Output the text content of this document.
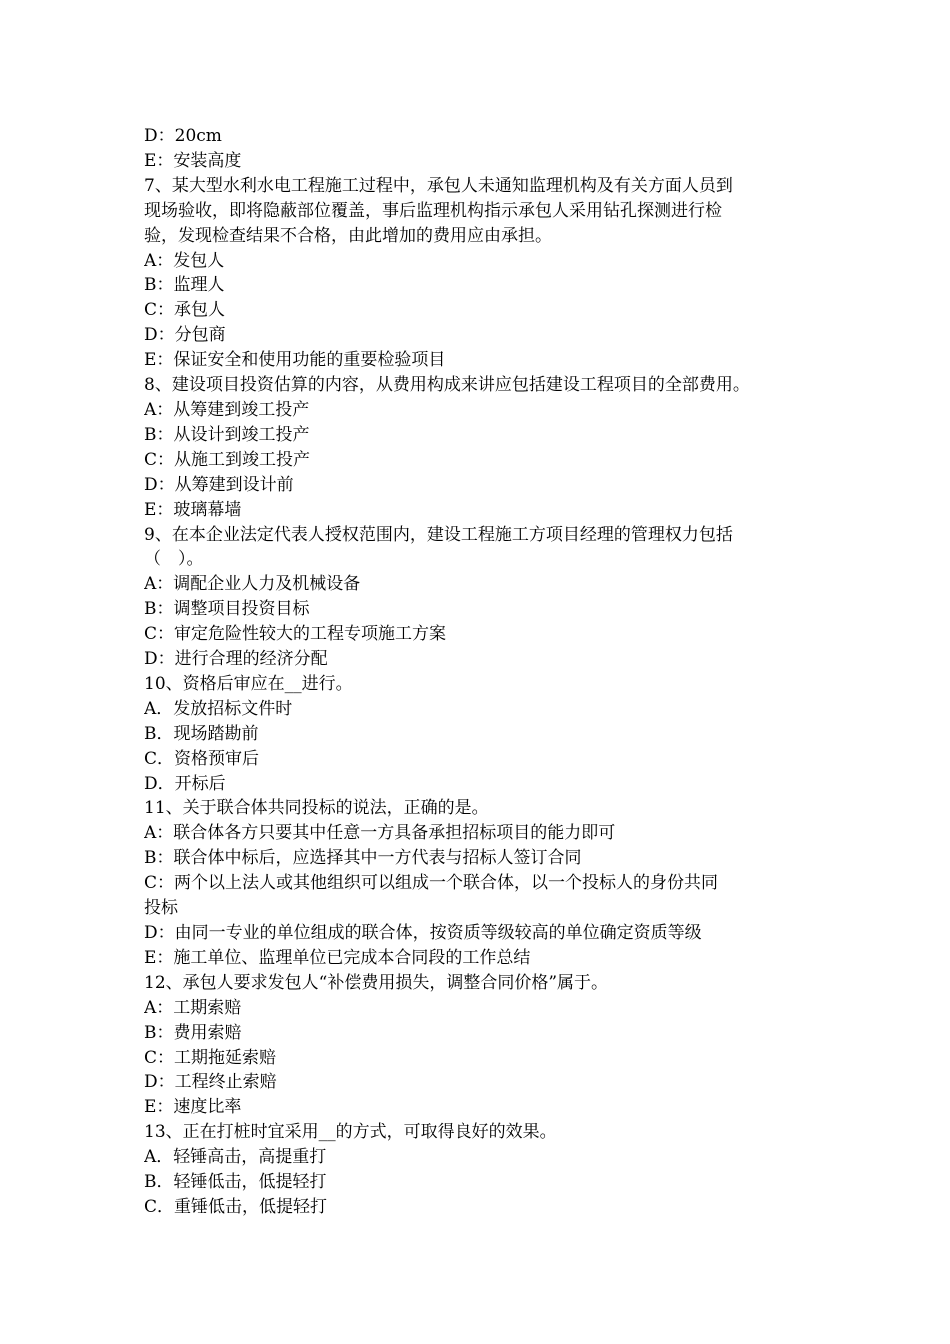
D：20cm
E：安装高度
7、某大型水利水电工程施工过程中，承包人未通知监理机构及有关方面人员到
现场验收，即将隐蔽部位覆盖，事后监理机构指示承包人采用钻孔探测进行检
验，发现检查结果不合格，由此增加的费用应由承担。
A：发包人
B：监理人
C：承包人
D：分包商
E：保证安全和使用功能的重要检验项目
8、建设项目投资估算的内容，从费用构成来讲应包括建设工程项目的全部费用。
A：从筹建到竣工投产
B：从设计到竣工投产
C：从施工到竣工投产
D：从筹建到设计前
E：玻璃幕墙
9、在本企业法定代表人授权范围内，建设工程施工方项目经理的管理权力包括
（　）。
A：调配企业人力及机械设备
B：调整项目投资目标
C：审定危险性较大的工程专项施工方案
D：进行合理的经济分配
10、资格后审应在__进行。
A．发放招标文件时
B．现场踏勘前
C．资格预审后
D．开标后
11、关于联合体共同投标的说法，正确的是。
A：联合体各方只要其中任意一方具备承担招标项目的能力即可
B：联合体中标后，应选择其中一方代表与招标人签订合同
C：两个以上法人或其他组织可以组成一个联合体，以一个投标人的身份共同
投标
D：由同一专业的单位组成的联合体，按资质等级较高的单位确定资质等级
E：施工单位、监理单位已完成本合同段的工作总结
12、承包人要求发包人“补偿费用损失，调整合同价格”属于。
A：工期索赔
B：费用索赔
C：工期拖延索赔
D：工程终止索赔
E：速度比率
13、正在打桩时宜采用__的方式，可取得良好的效果。
A．轻锤高击，高提重打
B．轻锤低击，低提轻打
C．重锤低击，低提轻打
